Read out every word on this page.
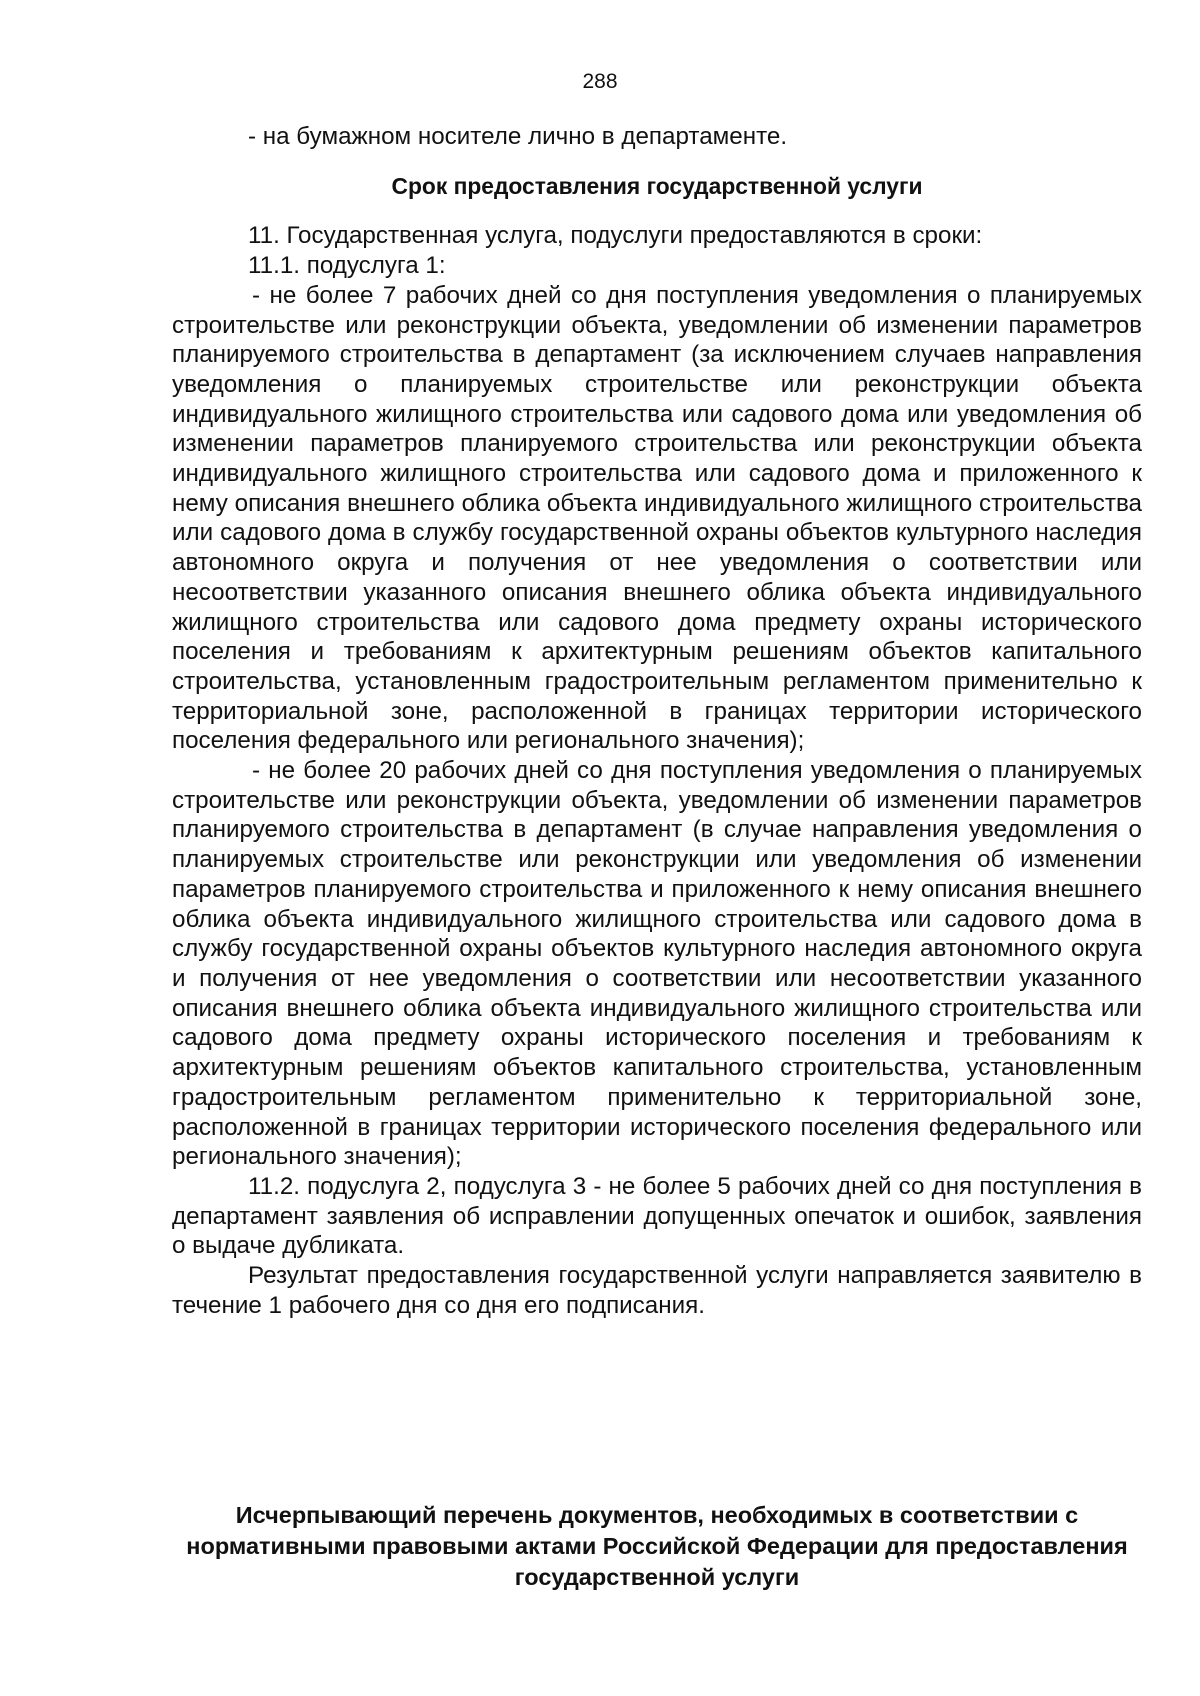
288

- на бумажном носителе лично в департаменте.

Срок предоставления государственной услуги

11. Государственная услуга, подуслуги предоставляются в сроки:

11.1. подуслуга 1:

- не более 7 рабочих дней со дня поступления уведомления о планируемых строительстве или реконструкции объекта, уведомлении об изменении параметров планируемого строительства в департамент (за исключением случаев направления уведомления о планируемых строительстве или реконструкции объекта индивидуального жилищного строительства или садового дома или уведомления об изменении параметров планируемого строительства или реконструкции объекта индивидуального жилищного строительства или садового дома и приложенного к нему описания внешнего облика объекта индивидуального жилищного строительства или садового дома в службу государственной охраны объектов культурного наследия автономного округа и получения от нее уведомления о соответствии или несоответствии указанного описания внешнего облика объекта индивидуального жилищного строительства или садового дома предмету охраны исторического поселения и требованиям к архитектурным решениям объектов капитального строительства, установленным градостроительным регламентом применительно к территориальной зоне, расположенной в границах территории исторического поселения федерального или регионального значения);

- не более 20 рабочих дней со дня поступления уведомления о планируемых строительстве или реконструкции объекта, уведомлении об изменении параметров планируемого строительства в департамент (в случае направления уведомления о планируемых строительстве или реконструкции или уведомления об изменении параметров планируемого строительства и приложенного к нему описания внешнего облика объекта индивидуального жилищного строительства или садового дома в службу государственной охраны объектов культурного наследия автономного округа и получения от нее уведомления о соответствии или несоответствии указанного описания внешнего облика объекта индивидуального жилищного строительства или садового дома предмету охраны исторического поселения и требованиям к архитектурным решениям объектов капитального строительства, установленным градостроительным регламентом применительно к территориальной зоне, расположенной в границах территории исторического поселения федерального или регионального значения);

11.2. подуслуга 2, подуслуга 3 - не более 5 рабочих дней со дня поступления в департамент заявления об исправлении допущенных опечаток и ошибок, заявления о выдаче дубликата.

Результат предоставления государственной услуги направляется заявителю в течение 1 рабочего дня со дня его подписания.

Исчерпывающий перечень документов, необходимых в соответствии с нормативными правовыми актами Российской Федерации для предоставления государственной услуги
